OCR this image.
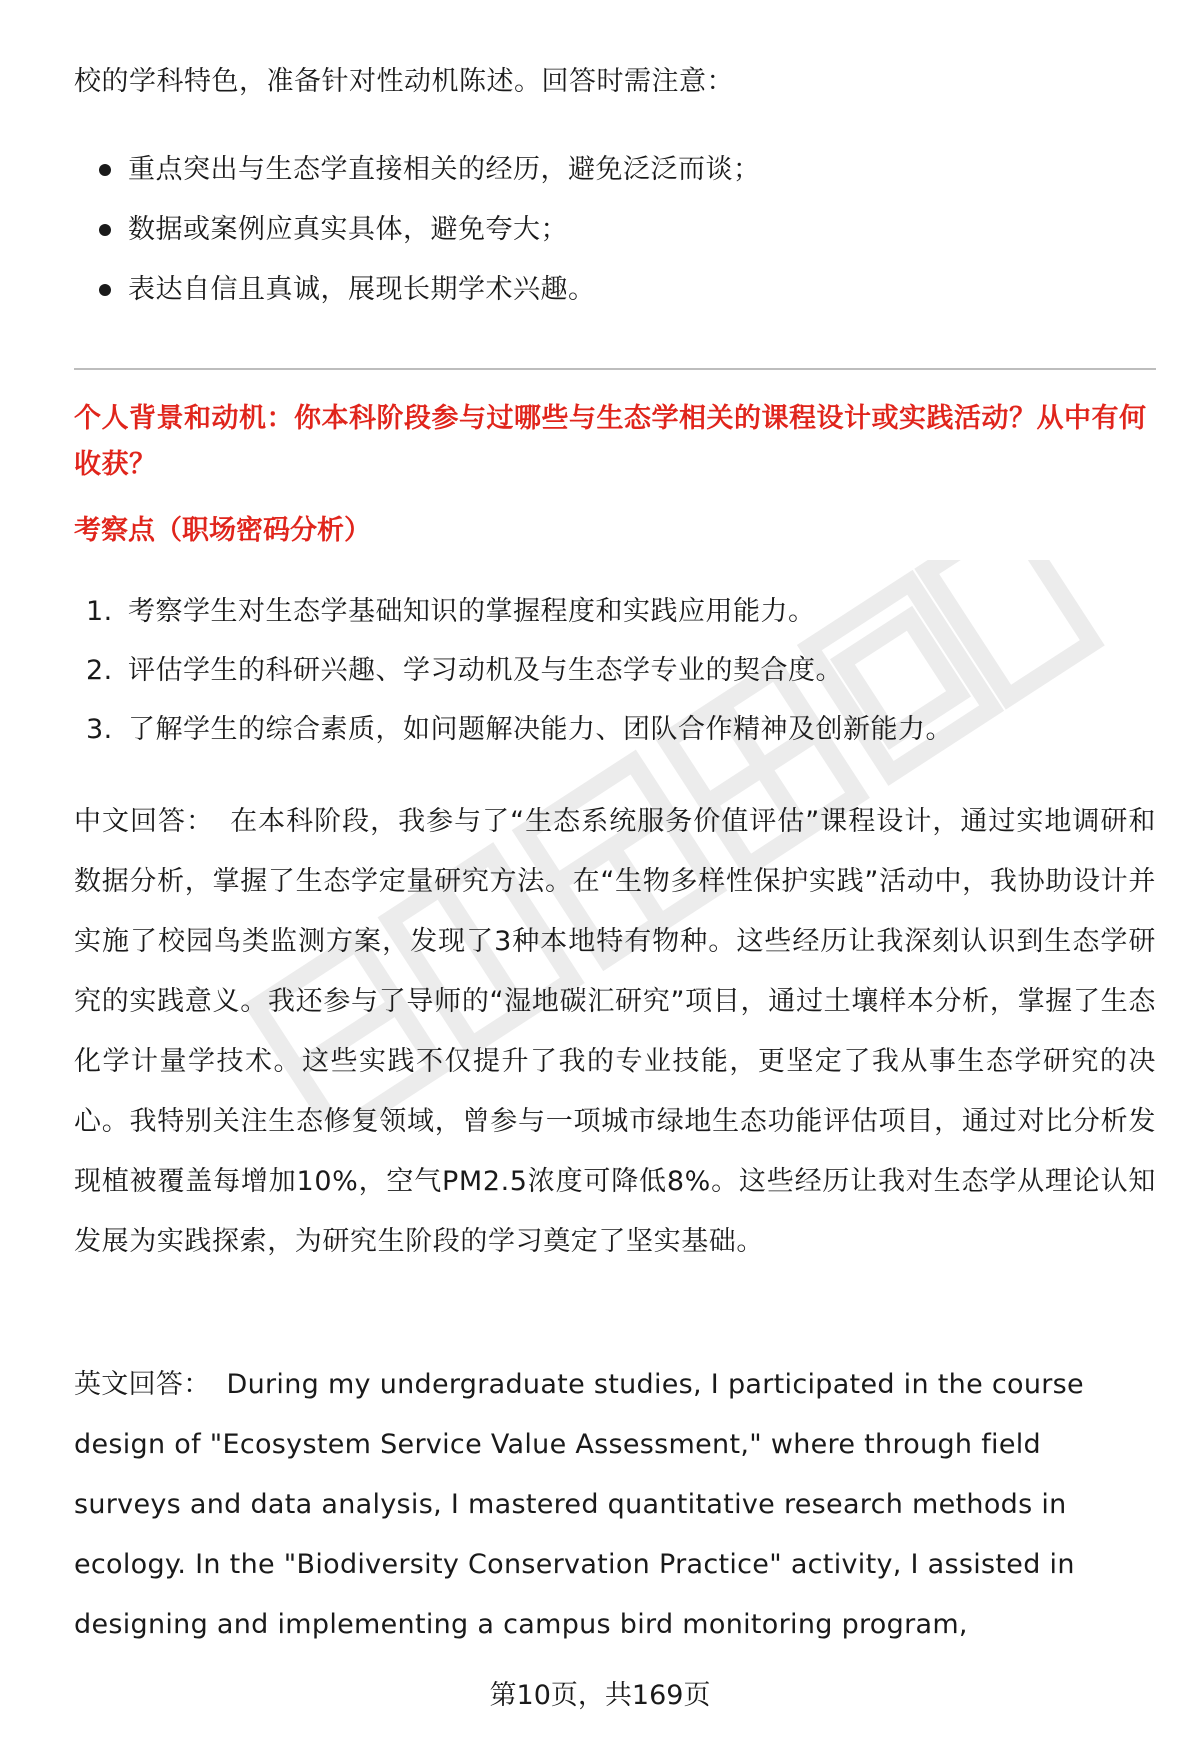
校的学科特色，准备针对性动机陈述。回答时需注意：

重点突出与生态学直接相关的经历，避免泛泛而谈；
数据或案例应真实具体，避免夸大；
表达自信且真诚，展现长期学术兴趣。

个人背景和动机：你本科阶段参与过哪些与生态学相关的课程设计或实践活动？从中有何收获？

考察点（职场密码分析）

1. 考察学生对生态学基础知识的掌握程度和实践应用能力。
2. 评估学生的科研兴趣、学习动机及与生态学专业的契合度。
3. 了解学生的综合素质，如问题解决能力、团队合作精神及创新能力。

中文回答： 在本科阶段，我参与了“生态系统服务价值评估”课程设计，通过实地调研和数据分析，掌握了生态学定量研究方法。在“生物多样性保护实践”活动中，我协助设计并实施了校园鸟类监测方案，发现了3种本地特有物种。这些经历让我深刻认识到生态学研究的实践意义。我还参与了导师的“湿地碳汇研究”项目，通过土壤样本分析，掌握了生态化学计量学技术。这些实践不仅提升了我的专业技能，更坚定了我从事生态学研究的决心。我特别关注生态修复领域，曾参与一项城市绿地生态功能评估项目，通过对比分析发现植被覆盖每增加10%，空气PM2.5浓度可降低8%。这些经历让我对生态学从理论认知发展为实践探索，为研究生阶段的学习奠定了坚实基础。

英文回答： During my undergraduate studies, I participated in the course design of "Ecosystem Service Value Assessment," where through field surveys and data analysis, I mastered quantitative research methods in ecology. In the "Biodiversity Conservation Practice" activity, I assisted in designing and implementing a campus bird monitoring program,

第10页，共169页
